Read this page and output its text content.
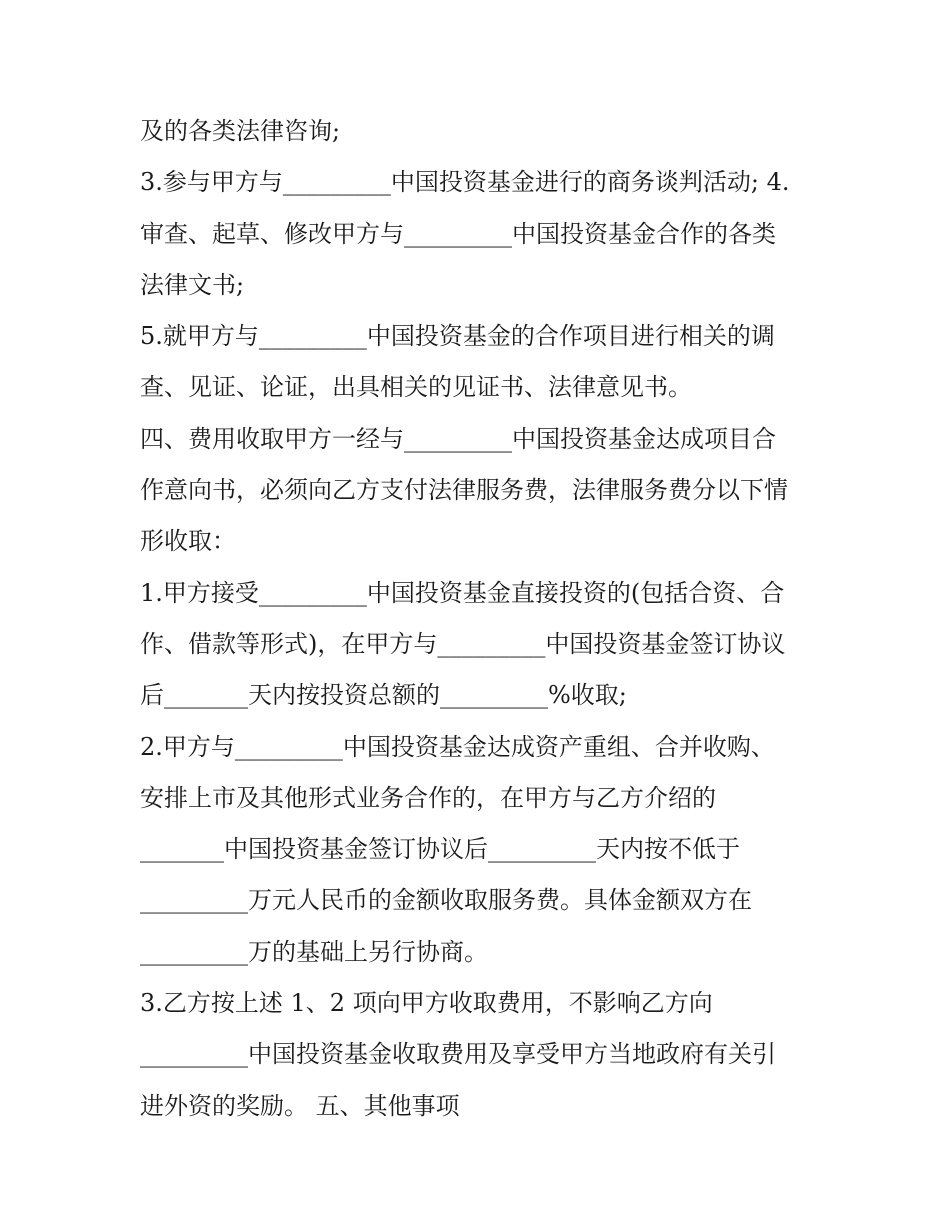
及的各类法律咨询;
3.参与甲方与_________中国投资基金进行的商务谈判活动; 4.
审查、起草、修改甲方与_________中国投资基金合作的各类
法律文书;
5.就甲方与_________中国投资基金的合作项目进行相关的调
查、见证、论证，出具相关的见证书、法律意见书。
四、费用收取甲方一经与_________中国投资基金达成项目合
作意向书，必须向乙方支付法律服务费，法律服务费分以下情
形收取：
1.甲方接受_________中国投资基金直接投资的(包括合资、合
作、借款等形式)，在甲方与_________中国投资基金签订协议
后_______天内按投资总额的_________%收取;
2.甲方与_________中国投资基金达成资产重组、合并收购、
安排上市及其他形式业务合作的，在甲方与乙方介绍的
_______中国投资基金签订协议后_________天内按不低于
_________万元人民币的金额收取服务费。具体金额双方在
_________万的基础上另行协商。
3.乙方按上述 1、2 项向甲方收取费用，不影响乙方向
_________中国投资基金收取费用及享受甲方当地政府有关引
进外资的奖励。 五、其他事项
